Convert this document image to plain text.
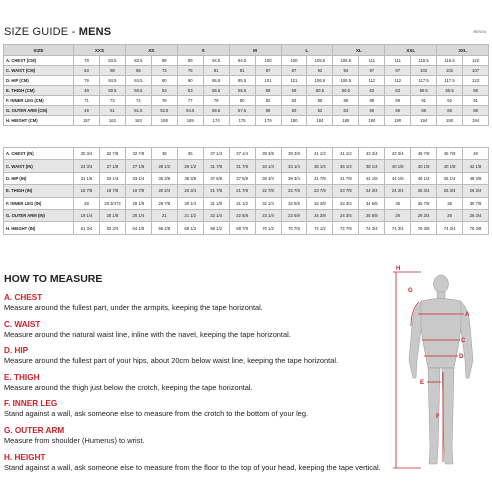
SIZE GUIDE - MENS	REV04
SIZE	XXS		XS		S		M		L		XL		XXL		3XL	
A. CHEST (CM)	78	83.5	83.5	89	89	94.5	94.5	100	100	105.5	105.5	111	111	116.5	116.5	122
C. WAIST (CM)	63	68	68	73	75	81	81	87	87	92	92	97	97	102	102	107
D. HIP (CM)	79	84.5	84.5	90	90	95.5	95.5	101	101	106.5	106.5	112	112	117.5	117.5	123
E. THIGH (CM)	48	50.5	50.5	53	53	55.5	55.5	58	58	60.5	60.5	63	63	65.5	65.5	68
F. INNER LEG (CM)	71	73	74	76	77	79	80	82	83	85	86	88	89	91	92	91
G. OUTER ARM (CM)	49	51	51.5	53.5	54.5	56.5	57.5	59	60	62	63	65	66	68	66	68
H. HEIGHT (CM)	157	162	163	168	169	174	175	179	180	184	185	190	190	194	190	194
A. CHEST (IN)	30 3/4	32 7/8	32 7/8	35	35	37 1/4	37 1/4	39 3/8	39 3/8	41 1/2	41 1/2	43 3/4	43 3/4	45 7/8	45 7/8	48
C. WAIST (IN)	24 3/4	27 1/8	27 1/8	28 1/2	29 1/2	31 7/8	31 7/8	34 1/4	34 1/4	36 1/4	36 1/4	38 1/4	40 1/8	40 1/8	40 1/8	42 1/8
D. HIP (IN)	31 1/8	33 1/4	33 1/4	35 3/8	35 3/8	37 5/8	37 5/8	39 3/4	39 3/4	41 7/8	41 7/8	44 1/8	44 1/8	46 1/4	46 1/4	48 3/8
E. THIGH (IN)	18 7/8	19 7/8	19 7/8	20 3/4	20 3/4	21 7/8	21 7/8	22 7/8	22 7/8	23 7/8	23 7/8	24 3/4	24 3/4	25 3/4	25 3/4	26 3/4
F. INNER LEG (IN)	28	28 3/4?3	29 1/8	29 7/8	30 1/4	31 1/8	31 1/2	32 1/4	32 5/8	33 3/8	33 3/4	34 5/8	35	35 7/8	35	35 7/8
G. OUTER ARM (IN)	19 1/4	20 1/8	20 1/4	21	21 1/2	22 1/4	22 5/8	23 1/4	23 5/8	24 3/8	24 3/4	25 5/8	26	26 3/4	26	26 3/4
H. HEIGHT (IN)	61 3/4	63 3/4	64 1/8	66 1/8	66 1/2	68 1/2	68 7/8	70 1/2	70 7/8	72 1/2	72 7/8	74 3/4	74 3/4	76 3/8	74 3/4	76 3/8
HOW TO MEASURE

A. CHEST

Measure around the fullest part, under the armpits, keeping the tape horizontal.

C. WAIST

Measure around the natural waist line, inline with the navel, keeping the tape horizontal.

D. HIP

Measure around the fullest part of your hips, about 20cm below waist line, keeping the tape horizontal.

E. THIGH

Measure around the thigh just below the crotch, keeping the tape horizontal.

F. INNER LEG

Stand against a wall, ask someone else to measure from the crotch to the bottom of your leg.

G. OUTER ARM

Measure from shoulder (Humerus) to wrist.

H. HEIGHT

Stand against a wall, ask someone else to measure from the floor to the top of your head, keeping the tape vertical.

G
A
C
D
E
F
H
